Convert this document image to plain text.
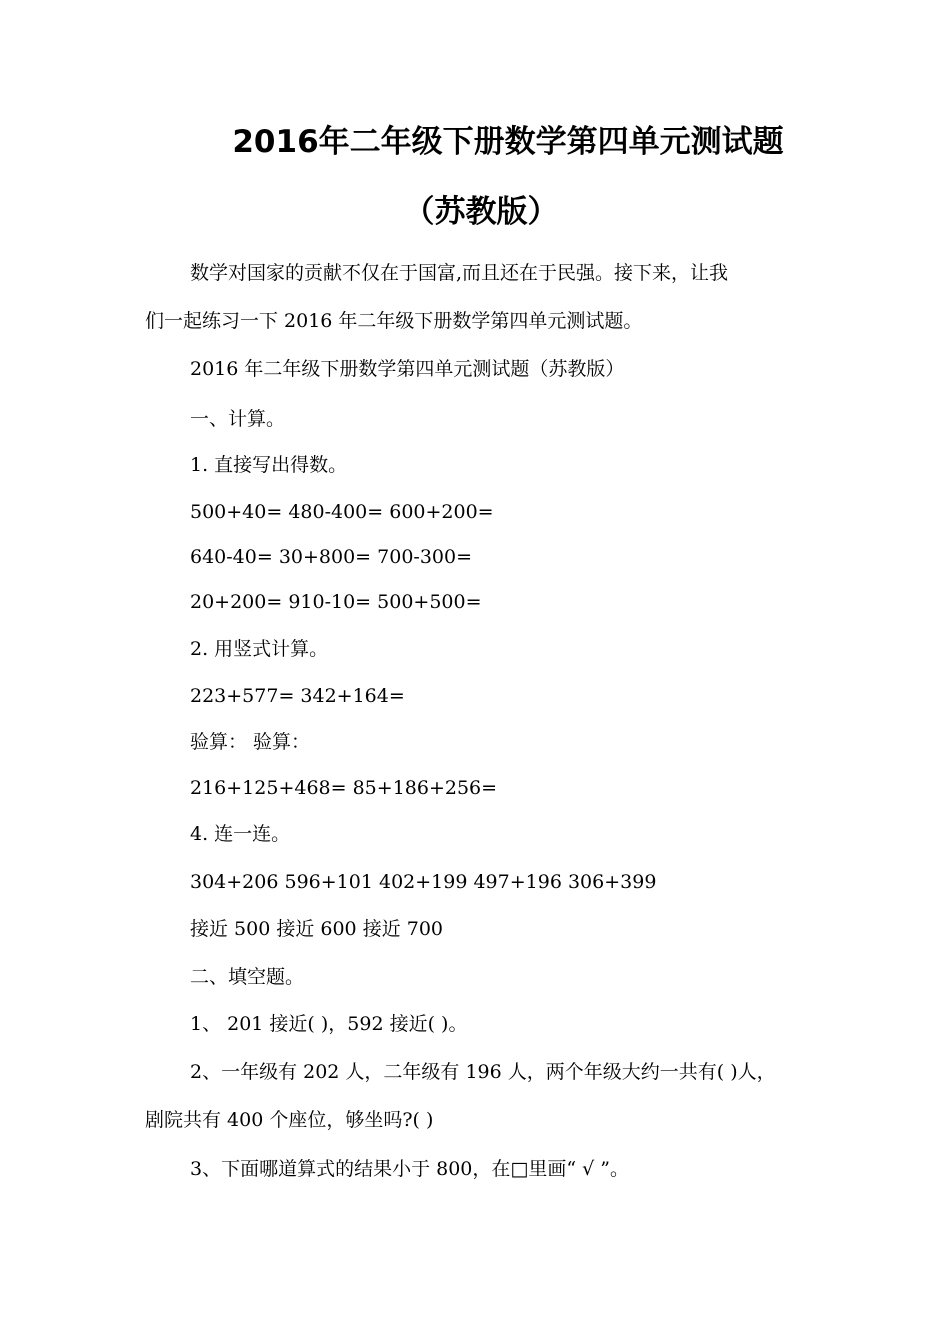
2016年二年级下册数学第四单元测试题
（苏教版）

数学对国家的贡献不仅在于国富,而且还在于民强。接下来，让我

们一起练习一下 2016 年二年级下册数学第四单元测试题。

2016 年二年级下册数学第四单元测试题（苏教版）

一、计算。

1. 直接写出得数。

500+40= 480-400= 600+200=

640-40= 30+800= 700-300=

20+200= 910-10= 500+500=

2. 用竖式计算。

223+577= 342+164=

验算： 验算：

216+125+468= 85+186+256=

4. 连一连。

304+206 596+101 402+199 497+196 306+399

接近 500 接近 600 接近 700

二、填空题。

1、 201 接近( )，592 接近( )。

2、一年级有 202 人，二年级有 196 人，两个年级大约一共有( )人，

剧院共有 400 个座位，够坐吗?( )

3、下面哪道算式的结果小于 800，在□里画“ √ ”。
